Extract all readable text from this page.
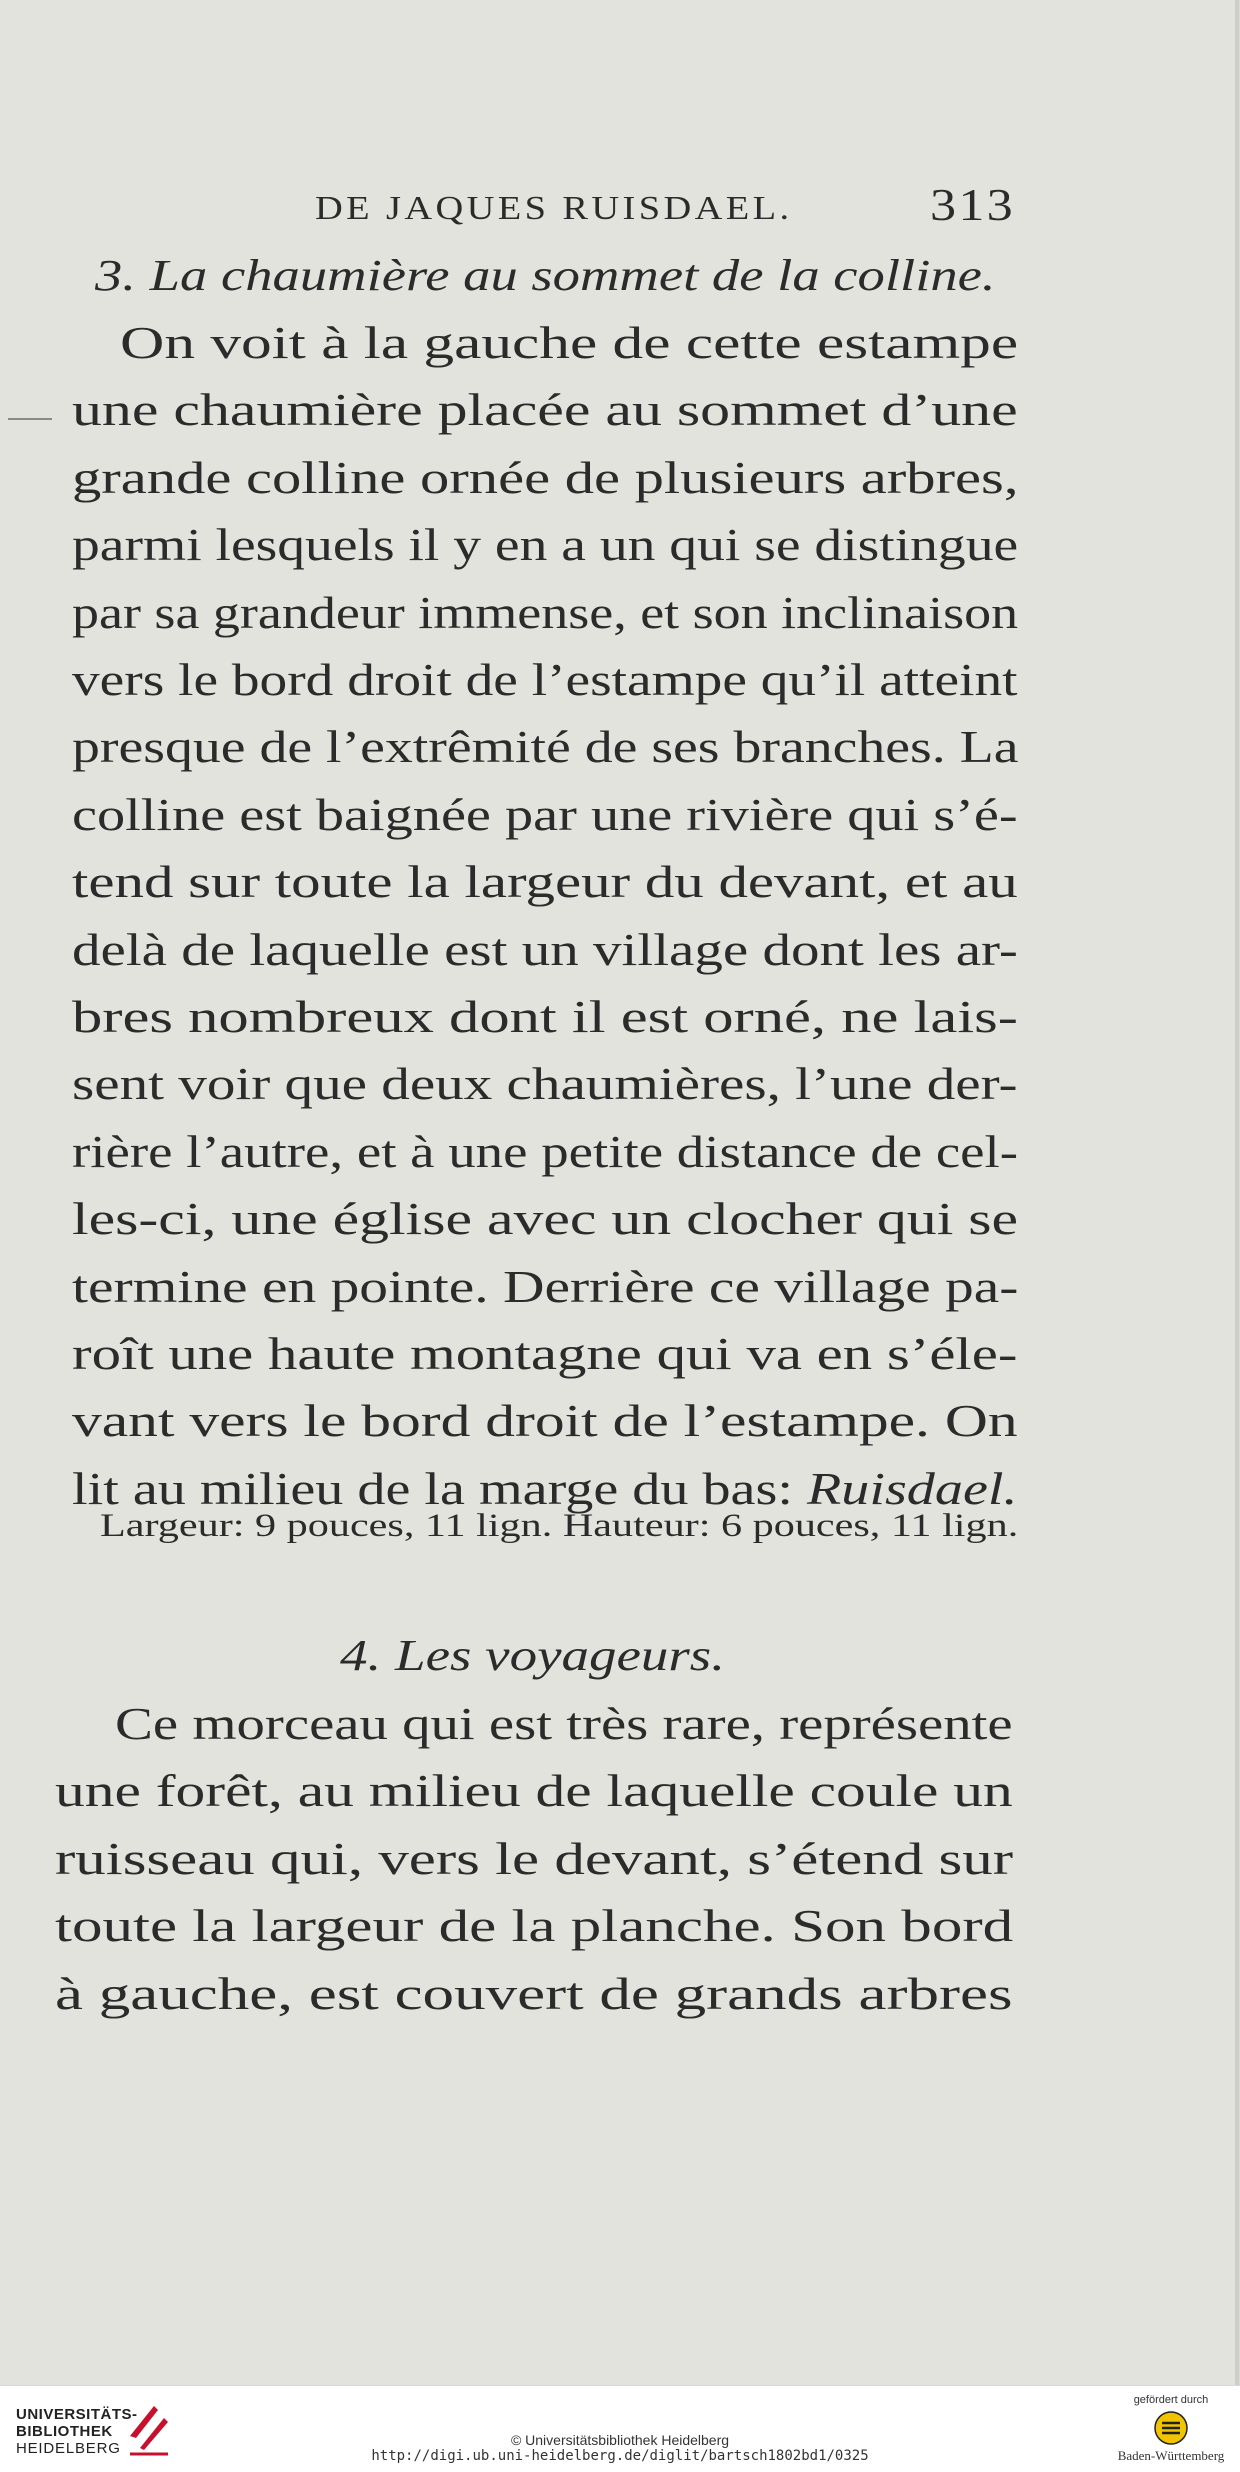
DE JAQUES RUISDAEL.	313
3. La chaumière au sommet de la colline.
On voit à la gauche de cette estampe
une chaumière placée au sommet d’une
grande colline ornée de plusieurs arbres,
parmi lesquels il y en a un qui se distingue
par sa grandeur immense, et son inclinaison
vers le bord droit de l’estampe qu’il atteint
presque de l’extrêmité de ses branches. La
colline est baignée par une rivière qui s’é-
tend sur toute la largeur du devant, et au
delà de laquelle est un village dont les ar-
bres nombreux dont il est orné, ne lais-
sent voir que deux chaumières, l’une der-
rière l’autre, et à une petite distance de cel-
les-ci, une église avec un clocher qui se
termine en pointe. Derrière ce village pa-
roît une haute montagne qui va en s’éle-
vant vers le bord droit de l’estampe. On
lit au milieu de la marge du bas: Ruisdael.
Largeur: 9 pouces, 11 lign. Hauteur: 6 pouces, 11 lign.
4. Les voyageurs.
Ce morceau qui est très rare, représente
une forêt, au milieu de laquelle coule un
ruisseau qui, vers le devant, s’étend sur
toute la largeur de la planche. Son bord
à gauche, est couvert de grands arbres
UNIVERSITÄTS-
BIBLIOTHEK
HEIDELBERG	© Universitätsbibliothek Heidelberg
http://digi.ub.uni-heidelberg.de/diglit/bartsch1802bd1/0325
gefördert durch
Baden-Württemberg
